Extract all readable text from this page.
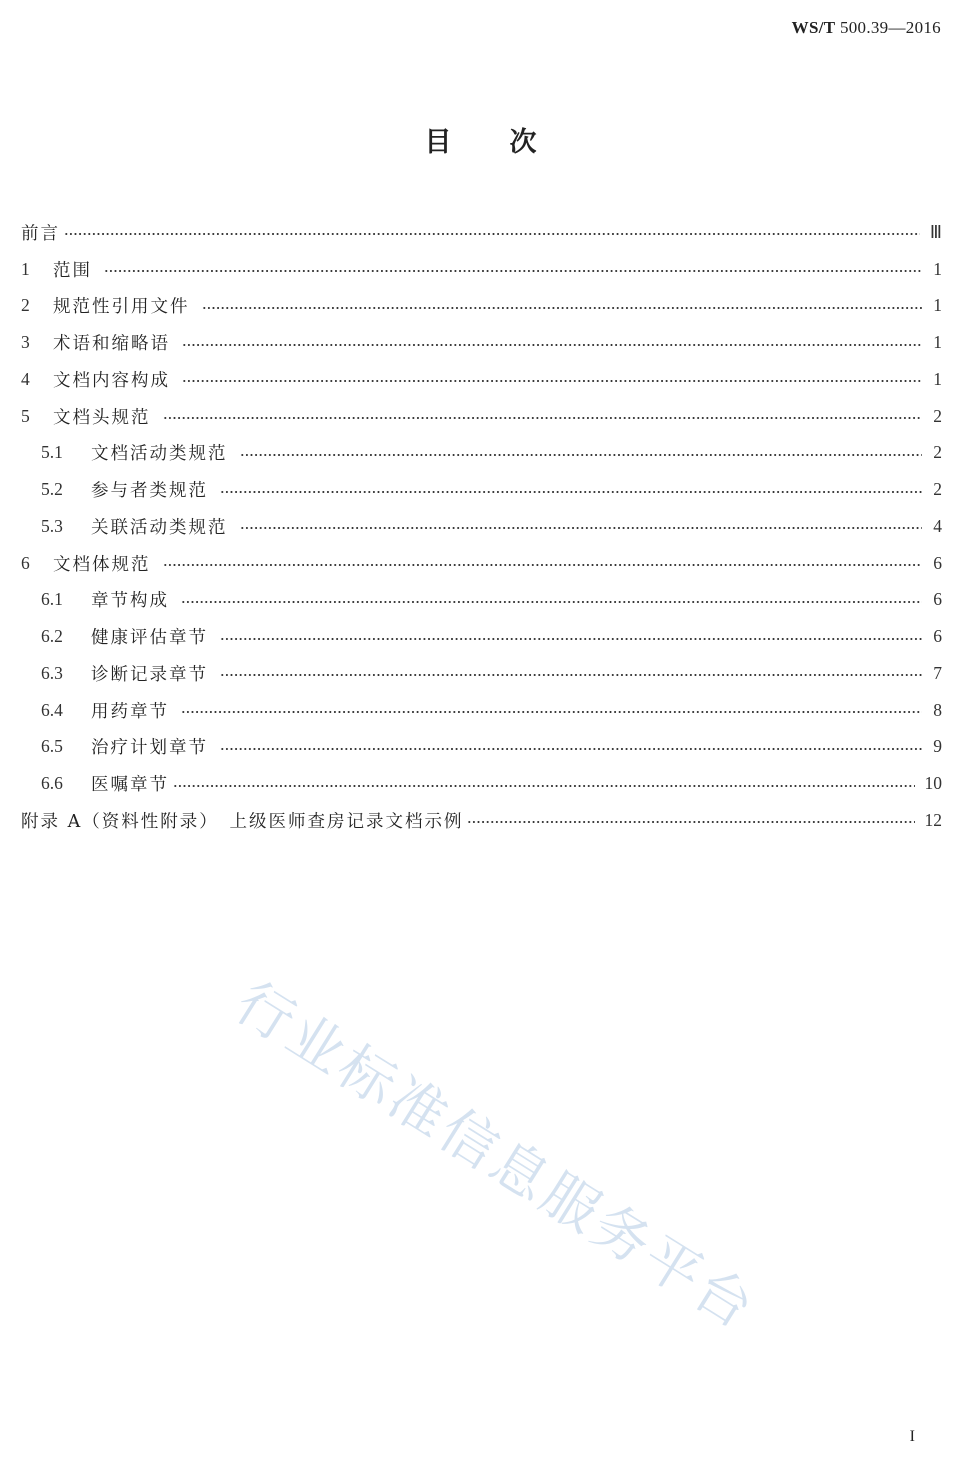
WS/T 500.39—2016
目次
前言	Ⅲ
1	范围	1
2	规范性引用文件	1
3	术语和缩略语	1
4	文档内容构成	1
5	文档头规范	2
5.1	文档活动类规范	2
5.2	参与者类规范	2
5.3	关联活动类规范	4
6	文档体规范	6
6.1	章节构成	6
6.2	健康评估章节	6
6.3	诊断记录章节	7
6.4	用药章节	8
6.5	治疗计划章节	9
6.6	医嘱章节	10
附录 A（资料性附录）　上级医师查房记录文档示例	12
行业标准信息服务平台
I
